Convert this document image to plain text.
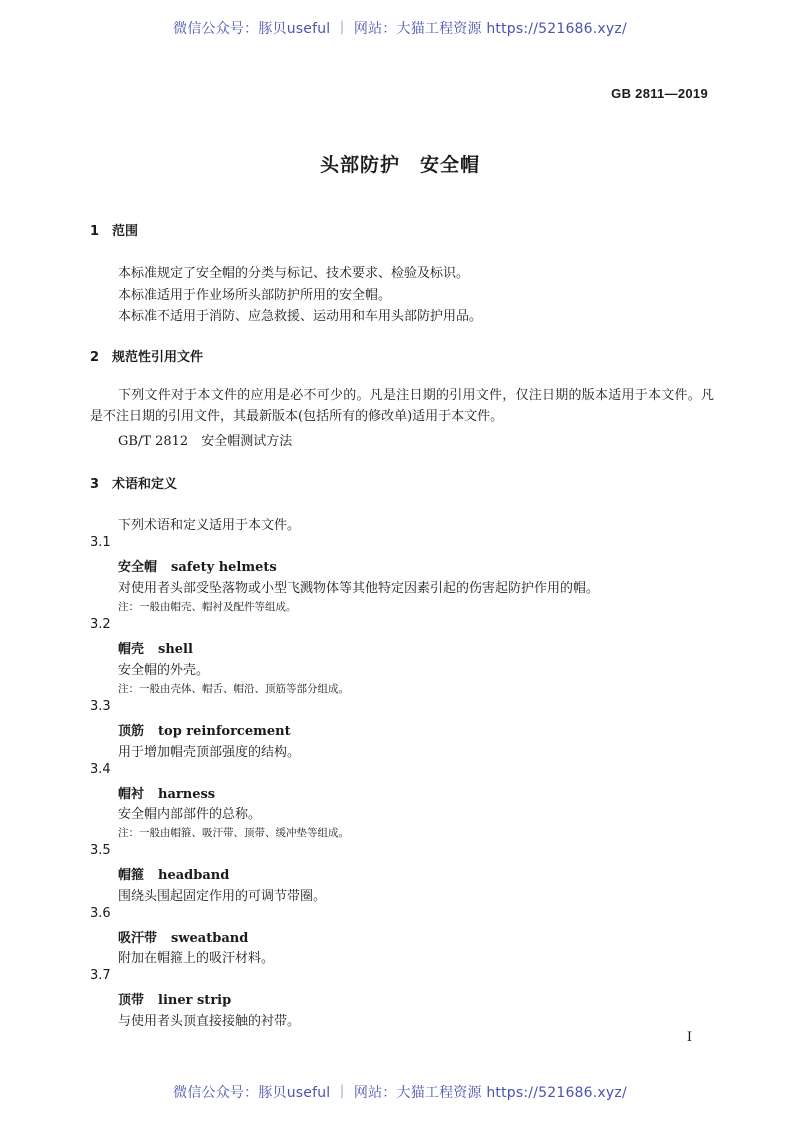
微信公众号：豚贝useful ｜ 网站：大猫工程资源 https://521686.xyz/
GB 2811—2019
头部防护　安全帽
1　范围
本标准规定了安全帽的分类与标记、技术要求、检验及标识。
本标准适用于作业场所头部防护所用的安全帽。
本标准不适用于消防、应急救援、运动用和车用头部防护用品。
2　规范性引用文件
下列文件对于本文件的应用是必不可少的。凡是注日期的引用文件，仅注日期的版本适用于本文件。凡是不注日期的引用文件，其最新版本(包括所有的修改单)适用于本文件。
GB/T 2812　安全帽测试方法
3　术语和定义
下列术语和定义适用于本文件。
3.1
安全帽 safety helmets
对使用者头部受坠落物或小型飞溅物体等其他特定因素引起的伤害起防护作用的帽。
注：一般由帽壳、帽衬及配件等组成。
3.2
帽壳 shell
安全帽的外壳。
注：一般由壳体、帽舌、帽沿、顶筋等部分组成。
3.3
顶筋 top reinforcement
用于增加帽壳顶部强度的结构。
3.4
帽衬 harness
安全帽内部部件的总称。
注：一般由帽箍、吸汗带、顶带、缓冲垫等组成。
3.5
帽箍 headband
围绕头围起固定作用的可调节带圈。
3.6
吸汗带 sweatband
附加在帽箍上的吸汗材料。
3.7
顶带 liner strip
与使用者头顶直接接触的衬带。
I
微信公众号：豚贝useful ｜ 网站：大猫工程资源 https://521686.xyz/
